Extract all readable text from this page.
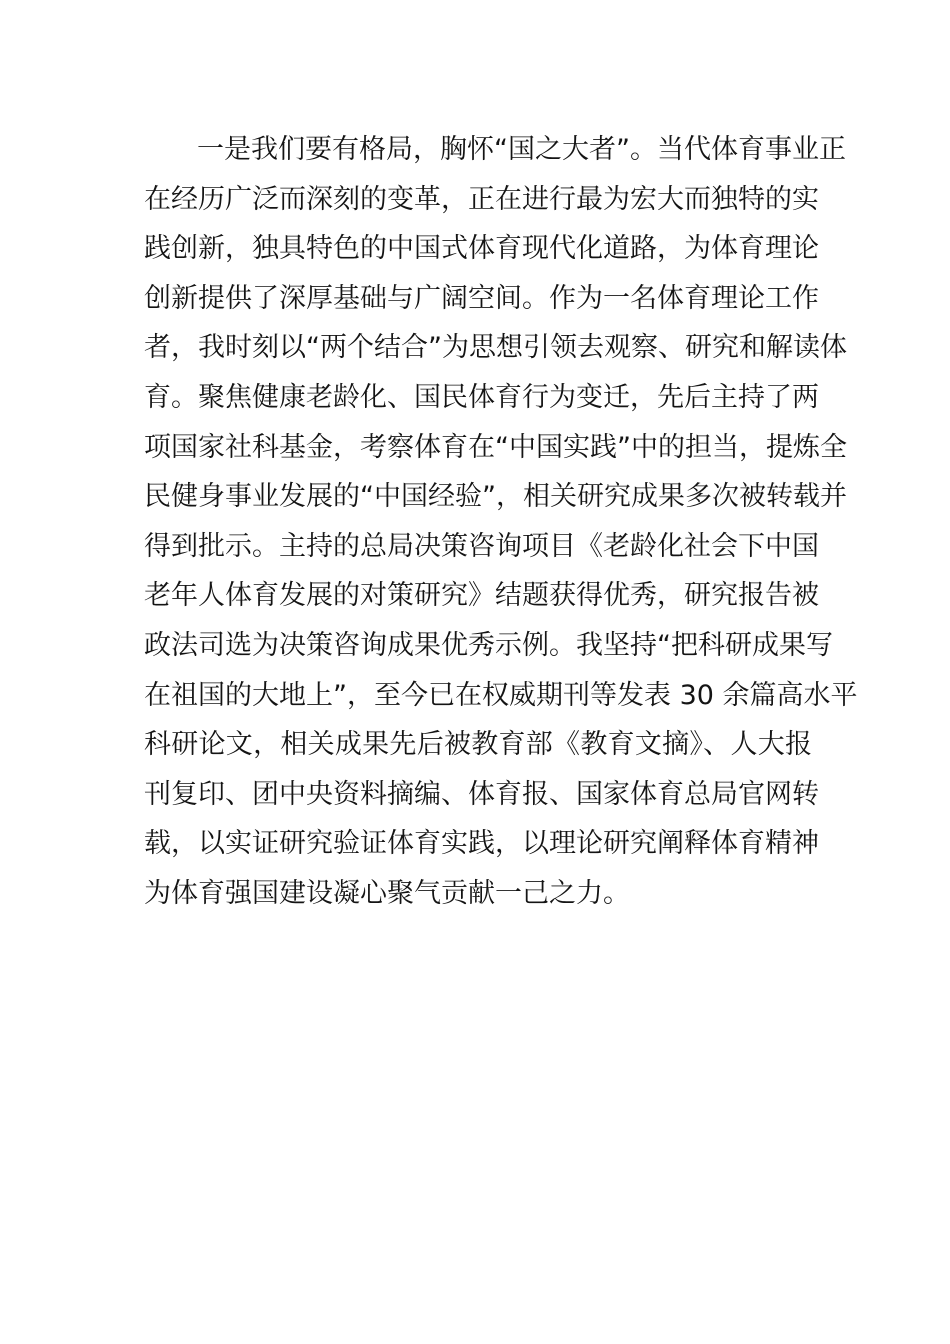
一是我们要有格局，胸怀“国之大者”。当代体育事业正
在经历广泛而深刻的变革，正在进行最为宏大而独特的实
践创新，独具特色的中国式体育现代化道路，为体育理论
创新提供了深厚基础与广阔空间。作为一名体育理论工作
者，我时刻以“两个结合”为思想引领去观察、研究和解读体
育。聚焦健康老龄化、国民体育行为变迁，先后主持了两
项国家社科基金，考察体育在“中国实践”中的担当，提炼全
民健身事业发展的“中国经验”，相关研究成果多次被转载并
得到批示。主持的总局决策咨询项目《老龄化社会下中国
老年人体育发展的对策研究》结题获得优秀，研究报告被
政法司选为决策咨询成果优秀示例。我坚持“把科研成果写
在祖国的大地上”，至今已在权威期刊等发表 30 余篇高水平
科研论文，相关成果先后被教育部《教育文摘》、人大报
刊复印、团中央资料摘编、体育报、国家体育总局官网转
载，以实证研究验证体育实践，以理论研究阐释体育精神
为体育强国建设凝心聚气贡献一己之力。
